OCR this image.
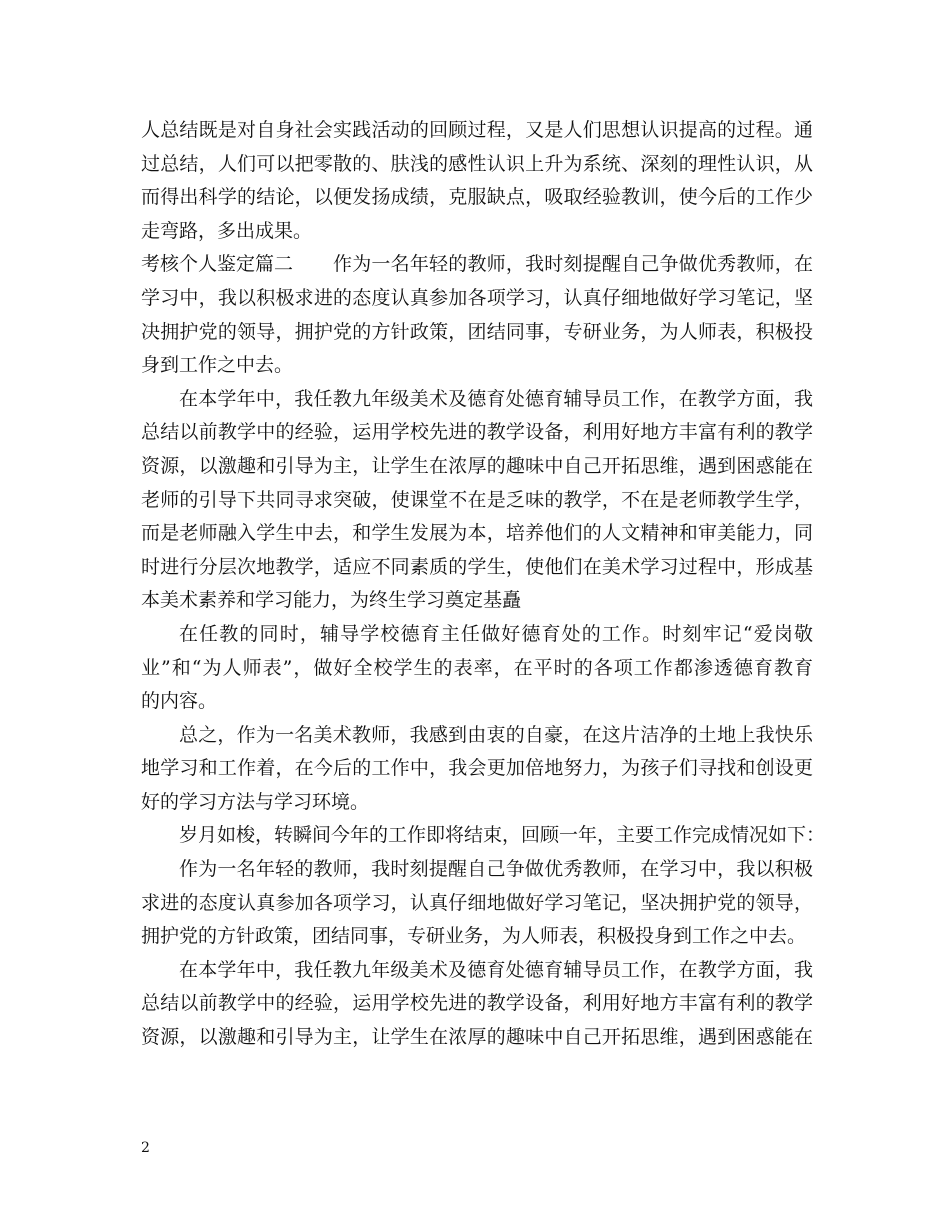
人总结既是对自身社会实践活动的回顾过程，又是人们思想认识提高的过程。通
过总结，人们可以把零散的、肤浅的感性认识上升为系统、深刻的理性认识，从
而得出科学的结论，以便发扬成绩，克服缺点，吸取经验教训，使今后的工作少
走弯路，多出成果。
考核个人鉴定篇二 作为一名年轻的教师，我时刻提醒自己争做优秀教师，在
学习中，我以积极求进的态度认真参加各项学习，认真仔细地做好学习笔记，坚
决拥护党的领导，拥护党的方针政策，团结同事，专研业务，为人师表，积极投
身到工作之中去。
在本学年中，我任教九年级美术及德育处德育辅导员工作，在教学方面，我
总结以前教学中的经验，运用学校先进的教学设备，利用好地方丰富有利的教学
资源，以激趣和引导为主，让学生在浓厚的趣味中自己开拓思维，遇到困惑能在
老师的引导下共同寻求突破，使课堂不在是乏味的教学，不在是老师教学生学，
而是老师融入学生中去，和学生发展为本，培养他们的人文精神和审美能力，同
时进行分层次地教学，适应不同素质的学生，使他们在美术学习过程中，形成基
本美术素养和学习能力，为终生学习奠定基矗
在任教的同时，辅导学校德育主任做好德育处的工作。时刻牢记“爱岗敬
业”和“为人师表”，做好全校学生的表率，在平时的各项工作都渗透德育教育
的内容。
总之，作为一名美术教师，我感到由衷的自豪，在这片洁净的土地上我快乐
地学习和工作着，在今后的工作中，我会更加倍地努力，为孩子们寻找和创设更
好的学习方法与学习环境。
岁月如梭，转瞬间今年的工作即将结束，回顾一年，主要工作完成情况如下：
作为一名年轻的教师，我时刻提醒自己争做优秀教师，在学习中，我以积极
求进的态度认真参加各项学习，认真仔细地做好学习笔记，坚决拥护党的领导，
拥护党的方针政策，团结同事，专研业务，为人师表，积极投身到工作之中去。
在本学年中，我任教九年级美术及德育处德育辅导员工作，在教学方面，我
总结以前教学中的经验，运用学校先进的教学设备，利用好地方丰富有利的教学
资源，以激趣和引导为主，让学生在浓厚的趣味中自己开拓思维，遇到困惑能在
2
